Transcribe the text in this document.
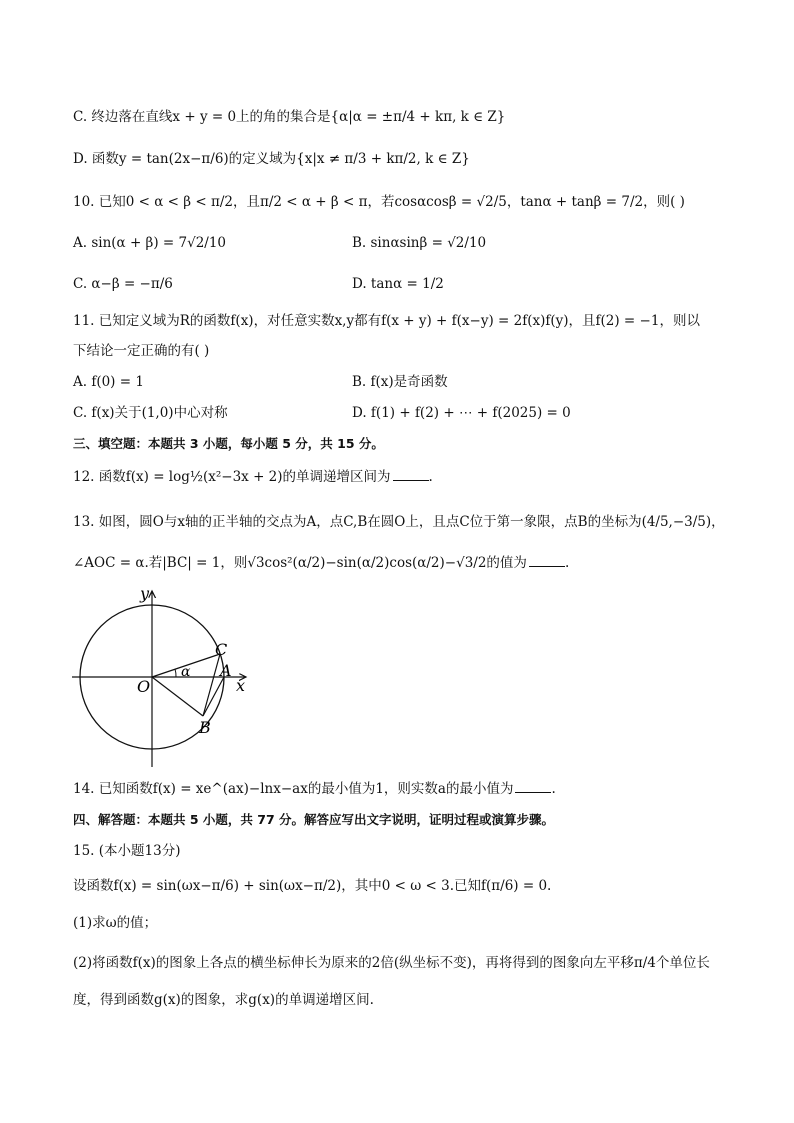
C. 终边落在直线x + y = 0上的角的集合是{α|α = ±π/4 + kπ, k ∈ Z}
D. 函数y = tan(2x−π/6)的定义域为{x|x ≠ π/3 + kπ/2, k ∈ Z}
10. 已知0 < α < β < π/2，且π/2 < α + β < π，若cosαcosβ = √2/5，tanα + tanβ = 7/2，则( )
A. sin(α + β) = 7√2/10	B. sinαsinβ = √2/10
C. α−β = −π/6	D. tanα = 1/2
11. 已知定义域为R的函数f(x)，对任意实数x,y都有f(x + y) + f(x−y) = 2f(x)f(y)，且f(2) = −1，则以
下结论一定正确的有( )
A. f(0) = 1	B. f(x)是奇函数
C. f(x)关于(1,0)中心对称	D. f(1) + f(2) + ⋯ + f(2025) = 0
三、填空题：本题共 3 小题，每小题 5 分，共 15 分。
12. 函数f(x) = log½(x²−3x + 2)的单调递增区间为	.
13. 如图，圆O与x轴的正半轴的交点为A，点C,B在圆O上，且点C位于第一象限，点B的坐标为(4/5,−3/5)，
∠AOC = α.若|BC| = 1，则√3cos²(α/2)−sin(α/2)cos(α/2)−√3/2的值为	.
y
x
O
A
C
B
α
14. 已知函数f(x) = xe^(ax)−lnx−ax的最小值为1，则实数a的最小值为	.
四、解答题：本题共 5 小题，共 77 分。解答应写出文字说明，证明过程或演算步骤。
15. (本小题13分)
设函数f(x) = sin(ωx−π/6) + sin(ωx−π/2)，其中0 < ω < 3.已知f(π/6) = 0.
(1)求ω的值；
(2)将函数f(x)的图象上各点的横坐标伸长为原来的2倍(纵坐标不变)，再将得到的图象向左平移π/4个单位长
度，得到函数g(x)的图象，求g(x)的单调递增区间.
